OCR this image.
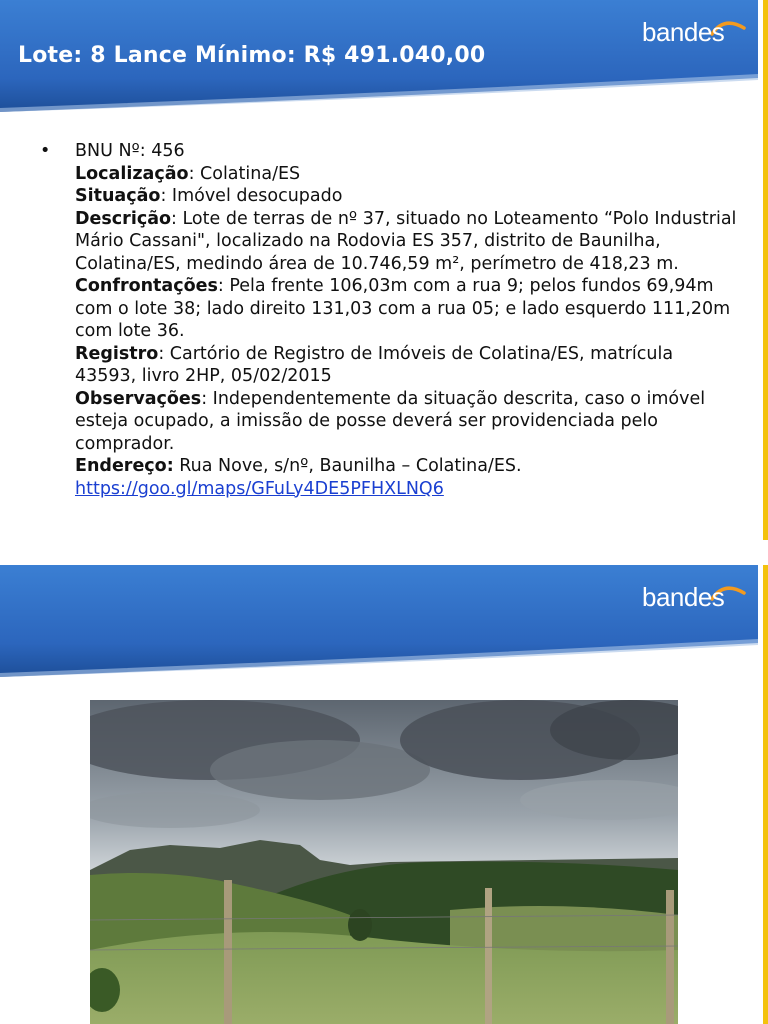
Lote: 8 Lance Mínimo: R$ 491.040,00
bandes
• BNU Nº: 456
Localização: Colatina/ES
Situação: Imóvel desocupado
Descrição: Lote de terras de nº 37, situado no Loteamento “Polo Industrial Mário Cassani", localizado na Rodovia ES 357, distrito de Baunilha, Colatina/ES, medindo área de 10.746,59 m², perímetro de 418,23 m.
Confrontações: Pela frente 106,03m com a rua 9; pelos fundos 69,94m com o lote 38; lado direito 131,03 com a rua 05; e lado esquerdo 111,20m com lote 36.
Registro: Cartório de Registro de Imóveis de Colatina/ES, matrícula 43593, livro 2HP, 05/02/2015
Observações: Independentemente da situação descrita, caso o imóvel esteja ocupado, a imissão de posse deverá ser providenciada pelo comprador.
Endereço: Rua Nove, s/nº, Baunilha – Colatina/ES.
https://goo.gl/maps/GFuLy4DE5PFHXLNQ6
bandes
